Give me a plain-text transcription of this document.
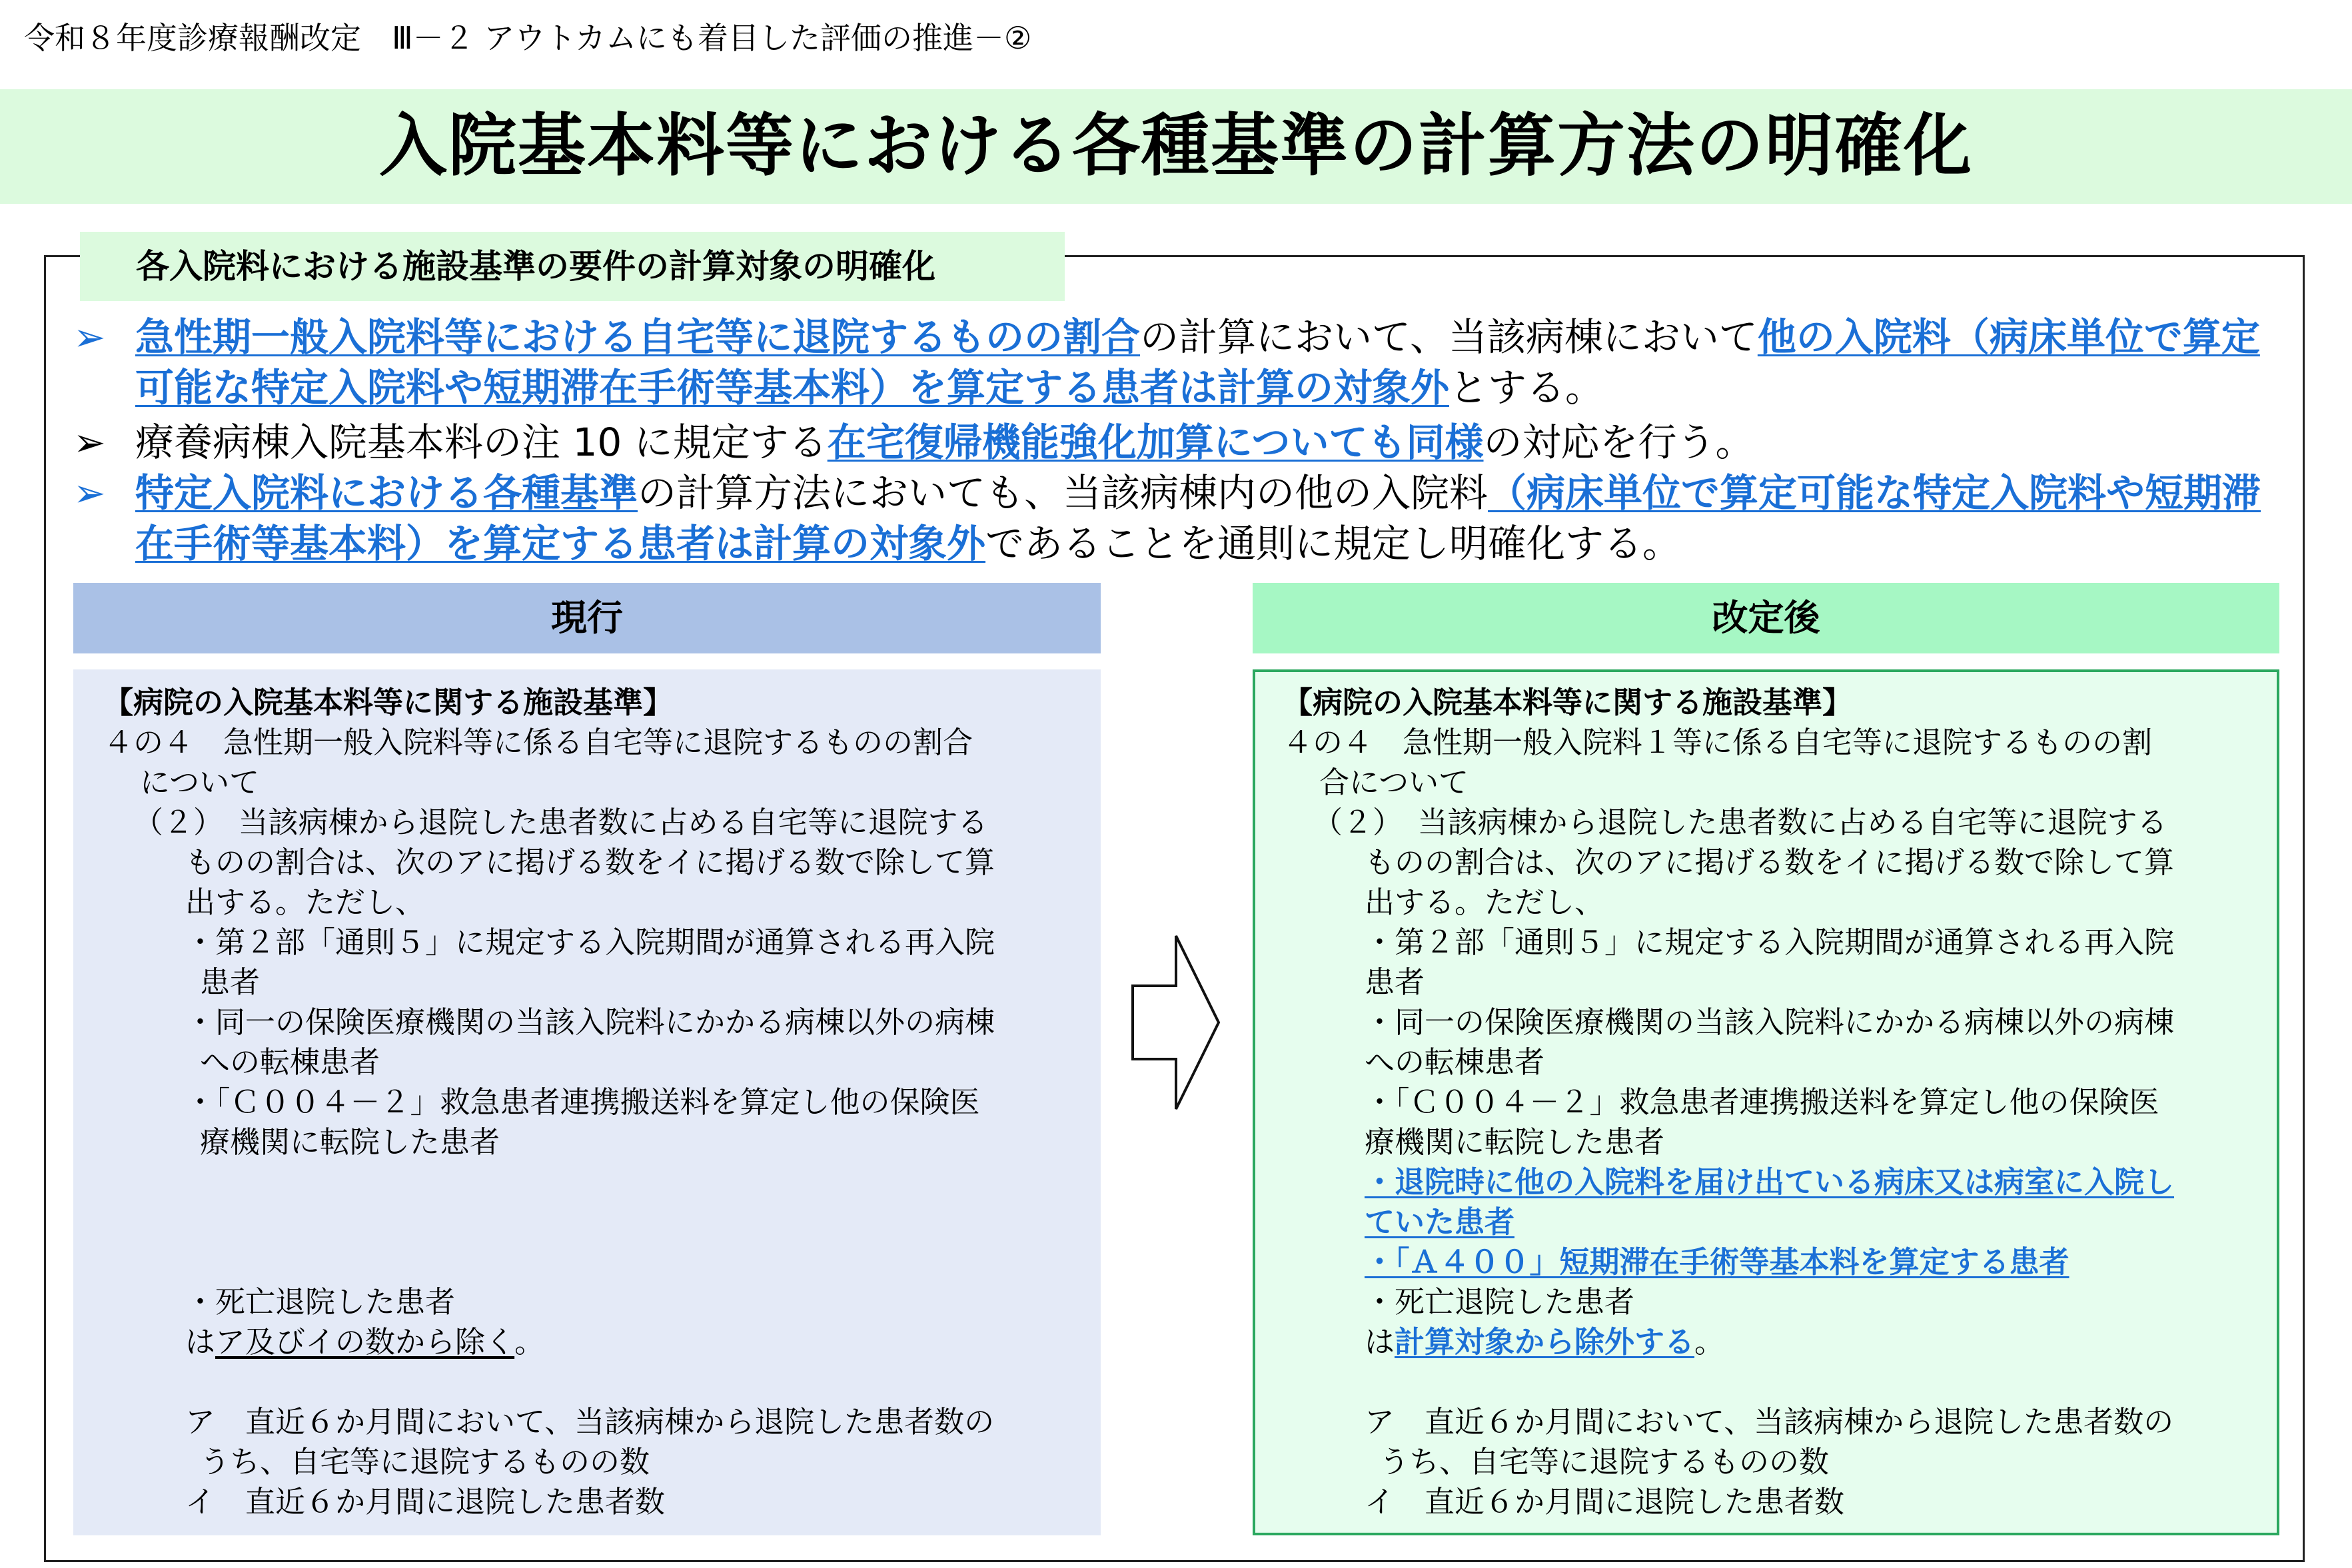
令和８年度診療報酬改定　Ⅲ－２ アウトカムにも着目した評価の推進－②
入院基本料等における各種基準の計算方法の明確化
各入院料における施設基準の要件の計算対象の明確化
➢ 急性期一般入院料等における自宅等に退院するものの割合の計算において、当該病棟において他の入院料（病床単位で算定可能な特定入院料や短期滞在手術等基本料）を算定する患者は計算の対象外とする。
➢ 療養病棟入院基本料の注 10 に規定する在宅復帰機能強化加算についても同様の対応を行う。
➢ 特定入院料における各種基準の計算方法においても、当該病棟内の他の入院料（病床単位で算定可能な特定入院料や短期滞在手術等基本料）を算定する患者は計算の対象外であることを通則に規定し明確化する。
現行	改定後
【病院の入院基本料等に関する施設基準】
４の４　急性期一般入院料等に係る自宅等に退院するものの割合
について
（２）　当該病棟から退院した患者数に占める自宅等に退院する
ものの割合は、次のアに掲げる数をイに掲げる数で除して算
出する。ただし、
・第２部「通則５」に規定する入院期間が通算される再入院
患者
・同一の保険医療機関の当該入院料にかかる病棟以外の病棟
への転棟患者
・「Ｃ００４－２」救急患者連携搬送料を算定し他の保険医
療機関に転院した患者
・死亡退院した患者
はア及びイの数から除く。
ア　直近６か月間において、当該病棟から退院した患者数の
うち、自宅等に退院するものの数
イ　直近６か月間に退院した患者数
【病院の入院基本料等に関する施設基準】
４の４　急性期一般入院料１等に係る自宅等に退院するものの割
合について
（２）　当該病棟から退院した患者数に占める自宅等に退院する
ものの割合は、次のアに掲げる数をイに掲げる数で除して算
出する。ただし、
・第２部「通則５」に規定する入院期間が通算される再入院
患者
・同一の保険医療機関の当該入院料にかかる病棟以外の病棟
への転棟患者
・「Ｃ００４－２」救急患者連携搬送料を算定し他の保険医
療機関に転院した患者
・退院時に他の入院料を届け出ている病床又は病室に入院し
ていた患者
・「Ａ４００」短期滞在手術等基本料を算定する患者
・死亡退院した患者
は計算対象から除外する。
ア　直近６か月間において、当該病棟から退院した患者数の
うち、自宅等に退院するものの数
イ　直近６か月間に退院した患者数
